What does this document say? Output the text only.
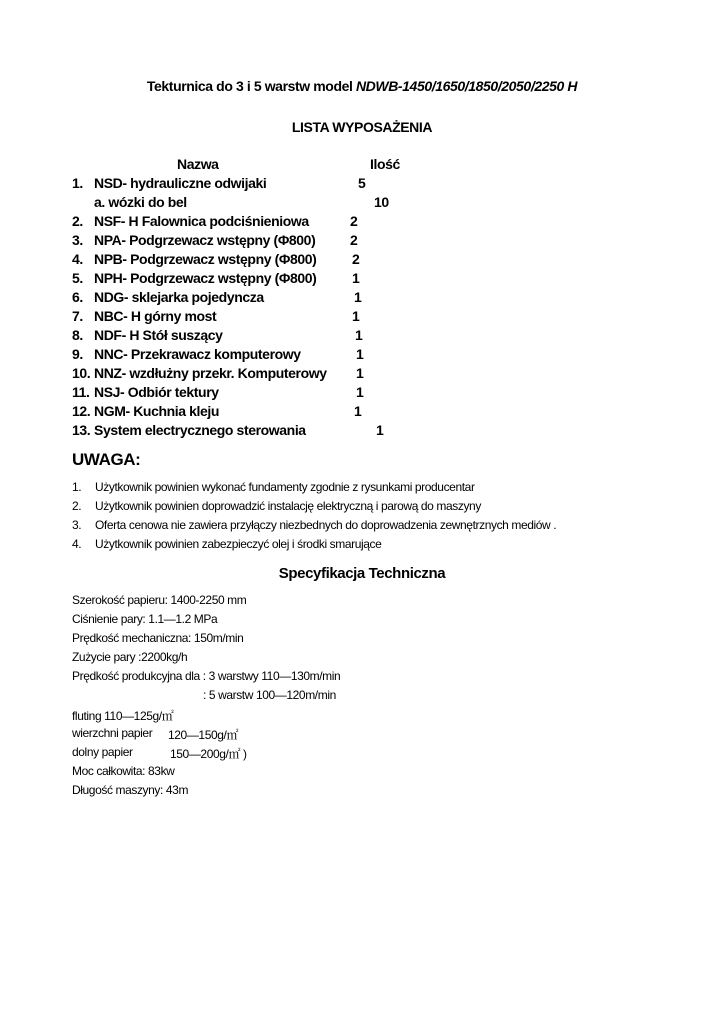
Tekturnica do 3 i 5 warstw model NDWB-1450/1650/1850/2050/2250 H
LISTA WYPOSAŻENIA
Nazwa	Ilość
1. NSD- hydrauliczne odwijaki	5
a. wózki do bel	10
2. NSF- H Falownica podciśnieniowa	2
3. NPA- Podgrzewacz wstępny (Φ800) 2
4. NPB- Podgrzewacz wstępny (Φ800)	2
5. NPH- Podgrzewacz wstępny (Φ800)	1
6. NDG- sklejarka pojedyncza	1
7. NBC- H górny most	1
8. NDF- H Stół suszący	1
9. NNC- Przekrawacz komputerowy	1
10. NNZ- wzdłużny przekr. Komputerowy 1
11. NSJ- Odbiór tektury	1
12. NGM- Kuchnia kleju	1
13. System electrycznego sterowania	1
UWAGA:
1. Użytkownik powinien wykonać fundamenty zgodnie z rysunkami producentar
2. Użytkownik powinien doprowadzić instalację elektryczną i parową do maszyny
3. Oferta cenowa nie zawiera przyłączy niezbednych do doprowadzenia zewnętrznych mediów .
4. Użytkownik powinien zabezpieczyć olej i środki smarujące
Specyfikacja Techniczna
Szerokość papieru: 1400-2250 mm
Ciśnienie pary: 1.1—1.2 MPa
Prędkość mechaniczna: 150m/min
Zużycie pary :2200kg/h
Prędkość produkcyjna dla : 3 warstwy 110—130m/min
: 5 warstw 100—120m/min
fluting 110—125g/㎡
wierzchni papier 120—150g/㎡
dolny papier	150—200g/㎡ )
Moc całkowita: 83kw
Długość maszyny: 43m
